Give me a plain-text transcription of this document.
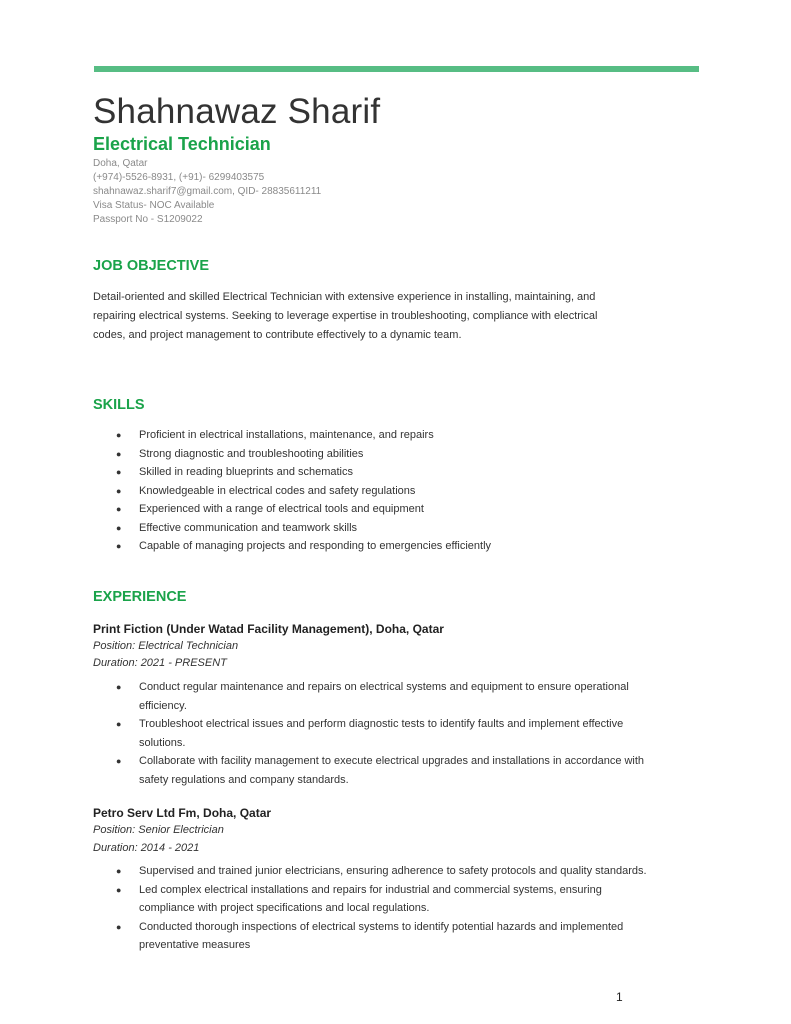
Shahnawaz Sharif
Electrical Technician
Doha, Qatar
(+974)-5526-8931, (+91)- 6299403575
shahnawaz.sharif7@gmail.com, QID- 28835611211
Visa Status- NOC Available
Passport No - S1209022
JOB OBJECTIVE

Detail-oriented and skilled Electrical Technician with extensive experience in installing, maintaining, and repairing electrical systems. Seeking to leverage expertise in troubleshooting, compliance with electrical codes, and project management to contribute effectively to a dynamic team.

SKILLS
● Proficient in electrical installations, maintenance, and repairs
● Strong diagnostic and troubleshooting abilities
● Skilled in reading blueprints and schematics
● Knowledgeable in electrical codes and safety regulations
● Experienced with a range of electrical tools and equipment
● Effective communication and teamwork skills
● Capable of managing projects and responding to emergencies efficiently
EXPERIENCE
Print Fiction (Under Watad Facility Management), Doha, Qatar
Position: Electrical Technician
Duration: 2021 - PRESENT
● Conduct regular maintenance and repairs on electrical systems and equipment to ensure operational efficiency.
● Troubleshoot electrical issues and perform diagnostic tests to identify faults and implement effective solutions.
● Collaborate with facility management to execute electrical upgrades and installations in accordance with safety regulations and company standards.
Petro Serv Ltd Fm, Doha, Qatar
Position: Senior Electrician
Duration: 2014 - 2021
● Supervised and trained junior electricians, ensuring adherence to safety protocols and quality standards.
● Led complex electrical installations and repairs for industrial and commercial systems, ensuring compliance with project specifications and local regulations.
● Conducted thorough inspections of electrical systems to identify potential hazards and implemented preventative measures
1
